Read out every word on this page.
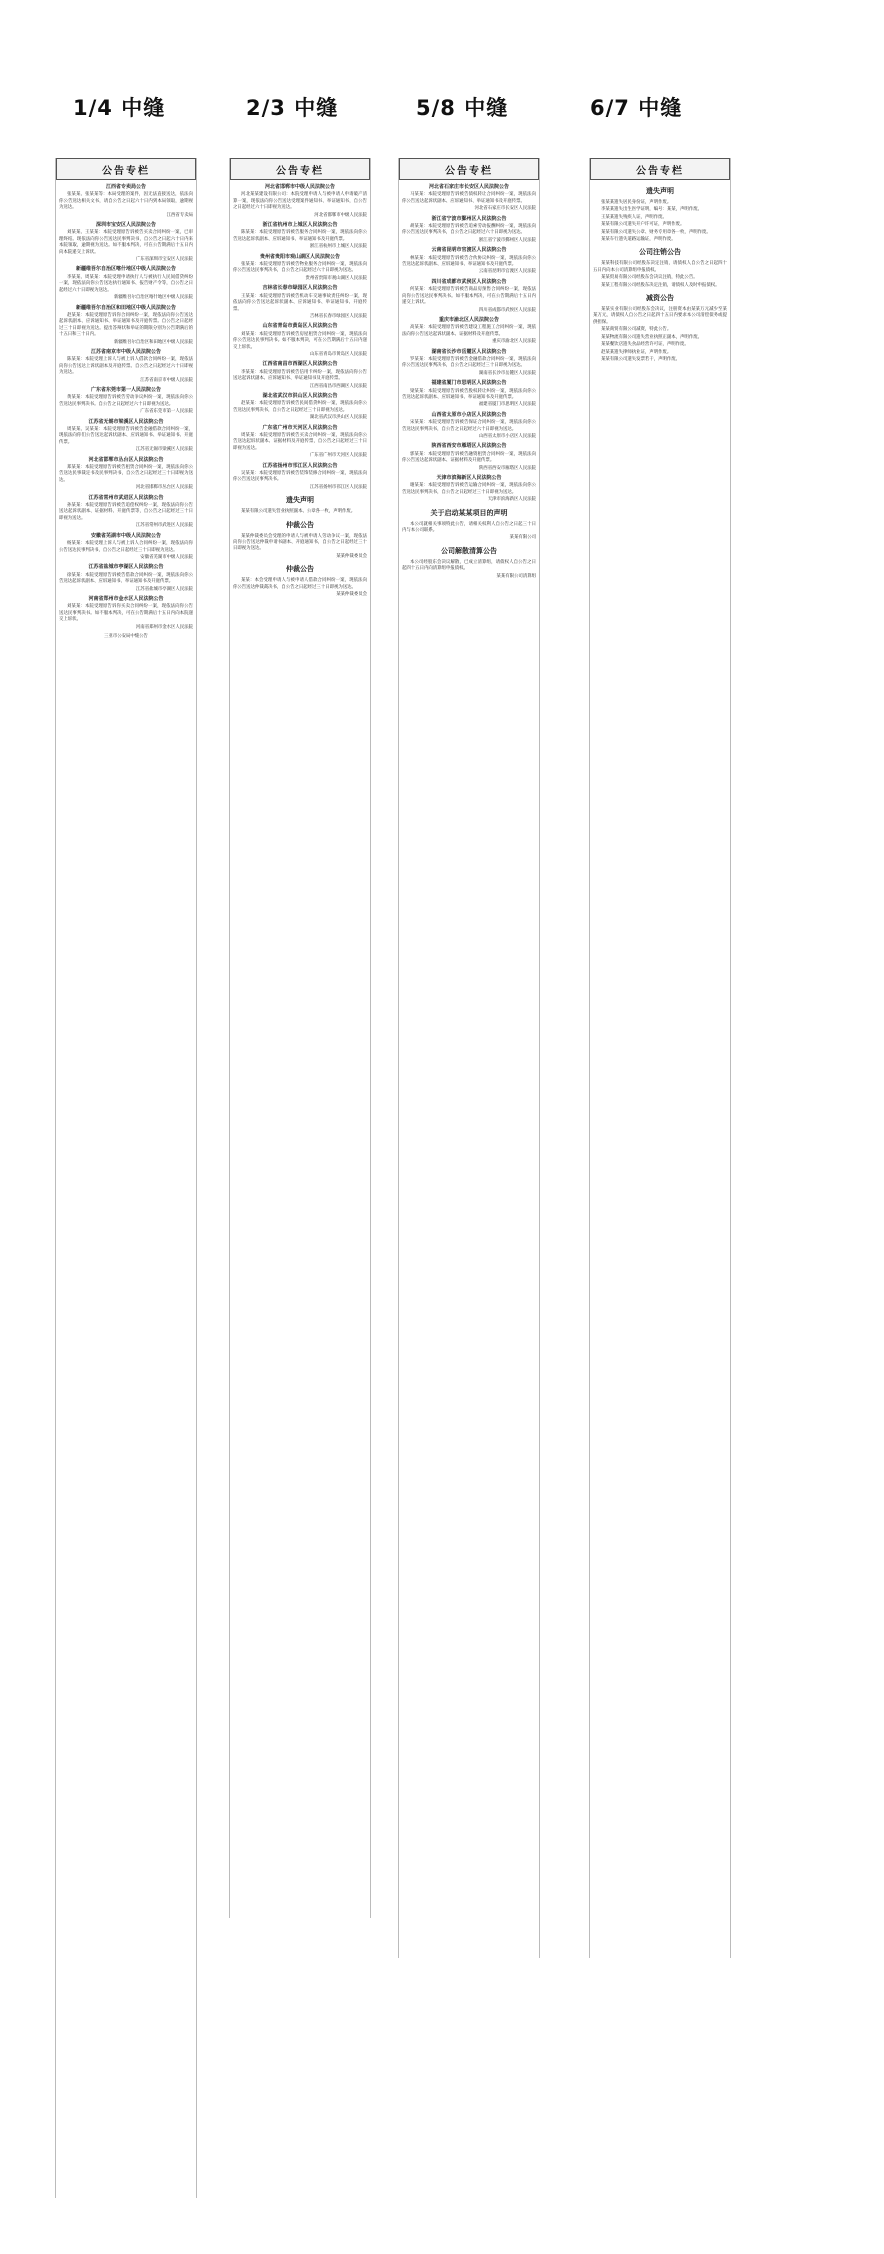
1/4 中缝	2/3 中缝	5/8 中缝	6/7 中缝
公告专栏
江西省专卖局公告

张某某、张某某等：本局受理的案件，因无法直接送达，依法向你公告送达相关文书，请自公告之日起六十日内到本局领取，逾期视为送达。

江西省专卖局
深圳市宝安区人民法院公告

刘某某、王某某：本院受理原告诉被告买卖合同纠纷一案，已审理终结。现依法向你公告送达民事判决书，自公告之日起六十日内来本院领取，逾期视为送达。如不服本判决，可在公告期满后十五日内向本院递交上诉状。

广东省深圳市宝安区人民法院
新疆维吾尔自治区喀什地区中级人民法院公告

李某某、周某某：本院受理申请执行人与被执行人民间借贷纠纷一案，现依法向你公告送达执行通知书、报告财产令等，自公告之日起经过六十日即视为送达。

新疆维吾尔自治区喀什地区中级人民法院
新疆维吾尔自治区和田地区中级人民法院公告

赵某某：本院受理原告诉你合同纠纷一案，现依法向你公告送达起诉状副本、应诉通知书、举证通知书及开庭传票。自公告之日起经过三十日即视为送达。提出答辩状和举证的期限分别为公告期满后的十五日和三十日内。

新疆维吾尔自治区和田地区中级人民法院
江苏省南京市中级人民法院公告

陈某某：本院受理上诉人与被上诉人借款合同纠纷一案，现依法向你公告送达上诉状副本及开庭传票。自公告之日起经过六十日即视为送达。

江苏省南京市中级人民法院
广东省东莞市第一人民法院公告

黄某某：本院受理原告诉被告劳动争议纠纷一案，现依法向你公告送达民事判决书。自公告之日起经过六十日即视为送达。

广东省东莞市第一人民法院
江苏省无锡市梁溪区人民法院公告

周某某、吴某某：本院受理原告诉被告金融借款合同纠纷一案，现依法向你们公告送达起诉状副本、应诉通知书、举证通知书、开庭传票。

江苏省无锡市梁溪区人民法院
河北省邯郸市丛台区人民法院公告

郑某某：本院受理原告诉被告租赁合同纠纷一案，现依法向你公告送达民事裁定书及民事判决书，自公告之日起经过三十日即视为送达。

河北省邯郸市丛台区人民法院
江苏省常州市武进区人民法院公告

孙某某：本院受理原告诉被告追偿权纠纷一案，现依法向你公告送达起诉状副本、证据材料、开庭传票等，自公告之日起经过三十日即视为送达。

江苏省常州市武进区人民法院
安徽省芜湖市中级人民法院公告

杨某某：本院受理上诉人与被上诉人合同纠纷一案，现依法向你公告送达民事判决书，自公告之日起经过三十日即视为送达。

安徽省芜湖市中级人民法院
江苏省盐城市亭湖区人民法院公告

徐某某：本院受理原告诉被告借款合同纠纷一案，现依法向你公告送达起诉状副本、应诉通知书、举证通知书及开庭传票。

江苏省盐城市亭湖区人民法院
河南省郑州市金水区人民法院公告

刘某某：本院受理原告诉你买卖合同纠纷一案，现依法向你公告送达民事判决书。如不服本判决，可在公告期满后十五日内向本院递交上诉状。

河南省郑州市金水区人民法院
三亚市公安局中缝公告
公告专栏
河北省邯郸市中级人民法院公告

河北某某建设有限公司：本院受理申请人与被申请人申请破产清算一案，现依法向你公告送达受理案件通知书、举证通知书，自公告之日起经过六十日即视为送达。

河北省邯郸市中级人民法院
浙江省杭州市上城区人民法院公告

陈某某：本院受理原告诉被告服务合同纠纷一案，现依法向你公告送达起诉状副本、应诉通知书、举证通知书及开庭传票。

浙江省杭州市上城区人民法院
贵州省贵阳市观山湖区人民法院公告

张某某：本院受理原告诉被告物业服务合同纠纷一案，现依法向你公告送达民事判决书，自公告之日起经过六十日即视为送达。

贵州省贵阳市观山湖区人民法院
吉林省长春市绿园区人民法院公告

王某某：本院受理原告诉被告机动车交通事故责任纠纷一案，现依法向你公告送达起诉状副本、应诉通知书、举证通知书、开庭传票。

吉林省长春市绿园区人民法院
山东省青岛市黄岛区人民法院公告

刘某某：本院受理原告诉被告房屋租赁合同纠纷一案，现依法向你公告送达民事判决书。如不服本判决，可在公告期满后十五日内递交上诉状。

山东省青岛市黄岛区人民法院
江西省南昌市西湖区人民法院公告

李某某：本院受理原告诉被告信用卡纠纷一案，现依法向你公告送达起诉状副本、应诉通知书、举证通知书及开庭传票。

江西省南昌市西湖区人民法院
湖北省武汉市洪山区人民法院公告

赵某某：本院受理原告诉被告民间借贷纠纷一案，现依法向你公告送达民事判决书，自公告之日起经过三十日即视为送达。

湖北省武汉市洪山区人民法院
广东省广州市天河区人民法院公告

周某某：本院受理原告诉被告买卖合同纠纷一案，现依法向你公告送达起诉状副本、证据材料及开庭传票，自公告之日起经过三十日即视为送达。

广东省广州市天河区人民法院
江苏省扬州市邗江区人民法院公告

吴某某：本院受理原告诉被告装饰装修合同纠纷一案，现依法向你公告送达民事判决书。

江苏省扬州市邗江区人民法院
遗失声明

某某有限公司遗失营业执照副本、公章各一枚，声明作废。

仲裁公告

某某仲裁委员会受理的申请人与被申请人劳动争议一案，现依法向你公告送达仲裁申请书副本、开庭通知书，自公告之日起经过三十日即视为送达。

某某仲裁委员会
仲裁公告

某某：本会受理申请人与被申请人借款合同纠纷一案，现依法向你公告送达仲裁裁决书，自公告之日起经过三十日即视为送达。

某某仲裁委员会
公告专栏
河北省石家庄市长安区人民法院公告

马某某：本院受理原告诉被告债权转让合同纠纷一案，现依法向你公告送达起诉状副本、应诉通知书、举证通知书及开庭传票。

河北省石家庄市长安区人民法院
浙江省宁波市鄞州区人民法院公告

胡某某：本院受理原告诉被告追索劳动报酬纠纷一案，现依法向你公告送达民事判决书，自公告之日起经过六十日即视为送达。

浙江省宁波市鄞州区人民法院
云南省昆明市官渡区人民法院公告

林某某：本院受理原告诉被告合伙协议纠纷一案，现依法向你公告送达起诉状副本、应诉通知书、举证通知书及开庭传票。

云南省昆明市官渡区人民法院
四川省成都市武侯区人民法院公告

何某某：本院受理原告诉被告商品房预售合同纠纷一案，现依法向你公告送达民事判决书。如不服本判决，可在公告期满后十五日内递交上诉状。

四川省成都市武侯区人民法院
重庆市渝北区人民法院公告

高某某：本院受理原告诉被告建设工程施工合同纠纷一案，现依法向你公告送达起诉状副本、证据材料及开庭传票。

重庆市渝北区人民法院
湖南省长沙市岳麓区人民法院公告

罗某某：本院受理原告诉被告金融借款合同纠纷一案，现依法向你公告送达民事判决书，自公告之日起经过三十日即视为送达。

湖南省长沙市岳麓区人民法院
福建省厦门市思明区人民法院公告

梁某某：本院受理原告诉被告股权转让纠纷一案，现依法向你公告送达起诉状副本、应诉通知书、举证通知书及开庭传票。

福建省厦门市思明区人民法院
山西省太原市小店区人民法院公告

宋某某：本院受理原告诉被告保证合同纠纷一案，现依法向你公告送达民事判决书，自公告之日起经过六十日即视为送达。

山西省太原市小店区人民法院
陕西省西安市雁塔区人民法院公告

郭某某：本院受理原告诉被告融资租赁合同纠纷一案，现依法向你公告送达起诉状副本、证据材料及开庭传票。

陕西省西安市雁塔区人民法院
天津市滨海新区人民法院公告

谢某某：本院受理原告诉被告运输合同纠纷一案，现依法向你公告送达民事判决书，自公告之日起经过三十日即视为送达。

天津市滨海新区人民法院
关于启动某某项目的声明

本公司就相关事项特此公告，请相关权利人自公告之日起三十日内与本公司联系。

某某有限公司
公司解散清算公告

本公司经股东会决议解散，已成立清算组，请债权人自公告之日起四十五日内向清算组申报债权。

某某有限公司清算组
公告专栏
遗失声明

张某某遗失居民身份证，声明作废。

李某某遗失出生医学证明，编号：某某，声明作废。

王某某遗失残疾人证，声明作废。

某某有限公司遗失开户许可证，声明作废。

某某有限公司遗失公章、财务专用章各一枚，声明作废。

某某车行遗失道路运输证，声明作废。

公司注销公告

某某科技有限公司经股东决定注销，请债权人自公告之日起四十五日内向本公司清算组申报债权。

某某贸易有限公司经股东会决议注销，特此公告。

某某工程有限公司经股东决定注销，请债权人及时申报债权。

减资公告

某某实业有限公司经股东会决议，注册资本由某某万元减少至某某万元，请债权人自公告之日起四十五日内要求本公司清偿债务或提供担保。

某某商贸有限公司减资，特此公告。

某某物流有限公司遗失营业执照正副本，声明作废。

某某餐饮店遗失食品经营许可证，声明作废。

赵某某遗失律师执业证，声明作废。

某某有限公司遗失发票若干，声明作废。
